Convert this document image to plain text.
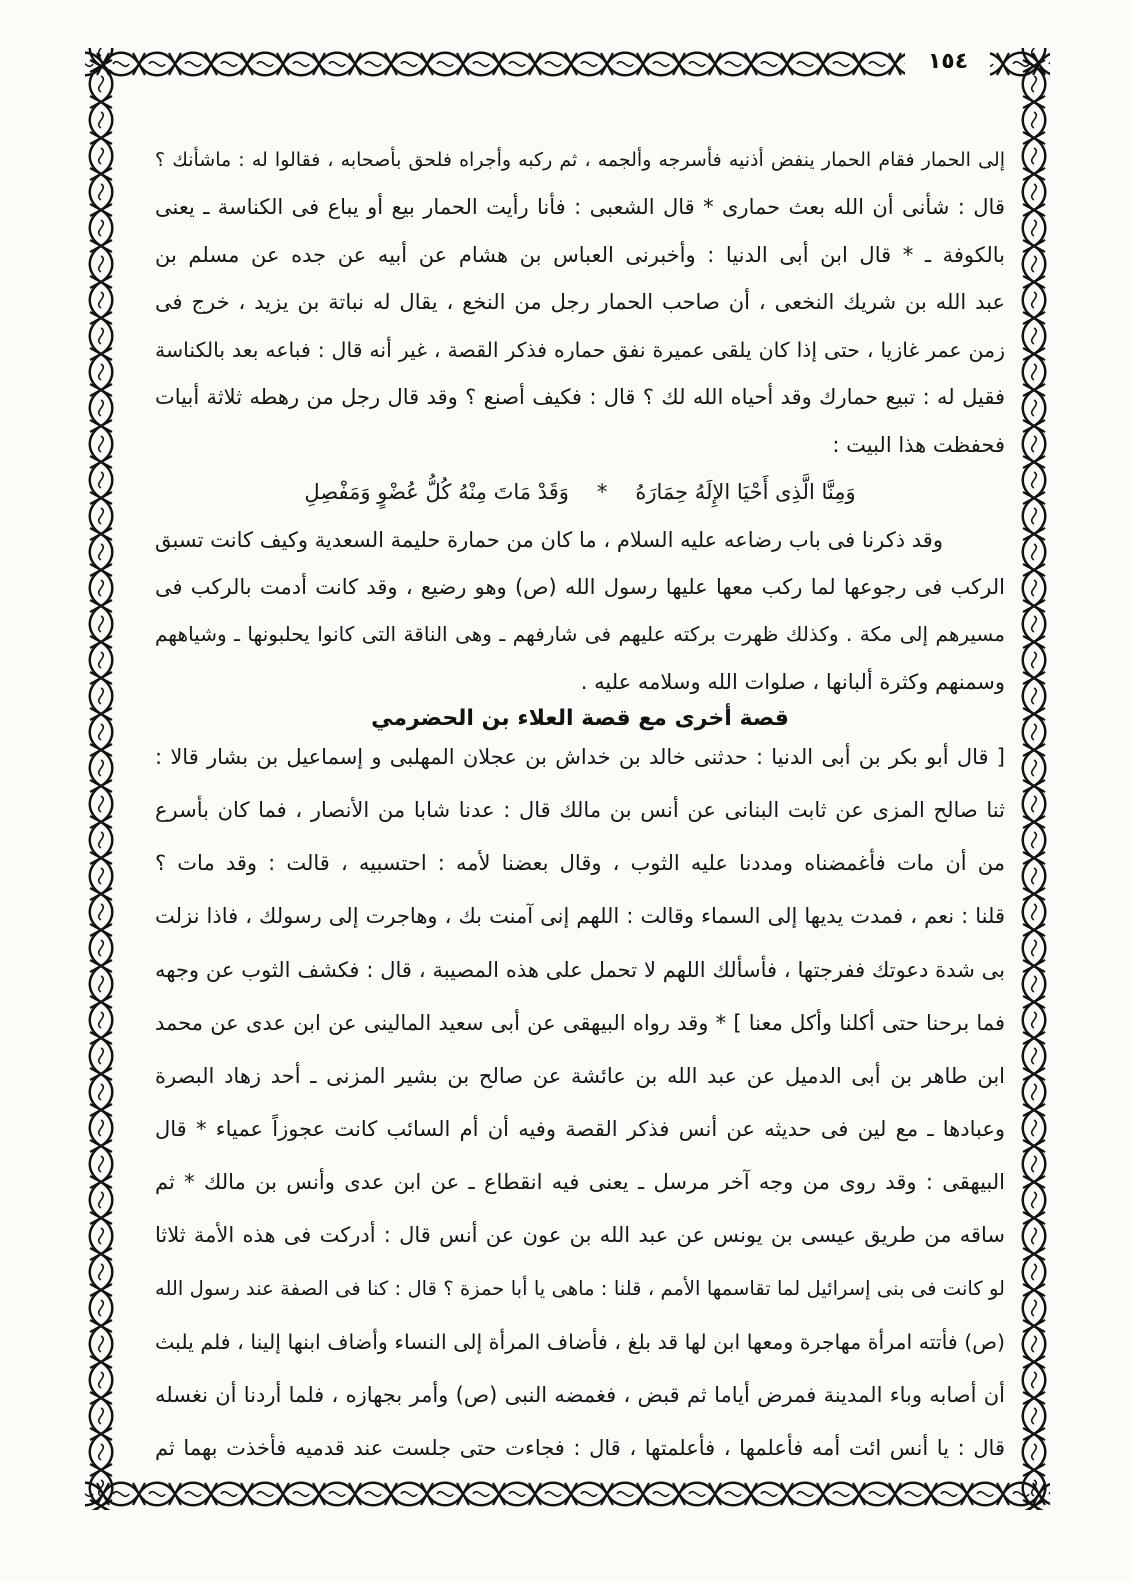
١٥٤
إلى الحمار فقام الحمار ينفض أذنيه فأسرجه وألجمه ، ثم ركبه وأجراه فلحق بأصحابه ، فقالوا له : ماشأنك ؟
قال : شأنى أن الله بعث حمارى * قال الشعبى : فأنا رأيت الحمار بيع أو يباع فى الكناسة ـ يعنى
بالكوفة ـ * قال ابن أبى الدنيا : وأخبرنى العباس بن هشام عن أبيه عن جده عن مسلم بن
عبد الله بن شريك النخعى ، أن صاحب الحمار رجل من النخع ، يقال له نباتة بن يزيد ، خرج فى
زمن عمر غازيا ، حتى إذا كان يلقى عميرة نفق حماره فذكر القصة ، غير أنه قال : فباعه بعد بالكناسة
فقيل له : تبيع حمارك وقد أحياه الله لك ؟ قال : فكيف أصنع ؟ وقد قال رجل من رهطه ثلاثة أبيات
فحفظت هذا البيت :
وَمِنَّا الَّذِى أَحْيَا الإِلَهُ حِمَارَهُ
*
وَقَدْ مَاتَ مِنْهُ كُلُّ عُضْوٍ وَمَفْصِلِ
وقد ذكرنا فى باب رضاعه عليه السلام ، ما كان من حمارة حليمة السعدية وكيف كانت تسبق
الركب فى رجوعها لما ركب معها عليها رسول الله (ص) وهو رضيع ، وقد كانت أدمت بالركب فى
مسيرهم إلى مكة . وكذلك ظهرت بركته عليهم فى شارفهم ـ وهى الناقة التى كانوا يحلبونها ـ وشياههم
وسمنهم وكثرة ألبانها ، صلوات الله وسلامه عليه .
قصة أخرى مع قصة العلاء بن الحضرمي
[ قال أبو بكر بن أبى الدنيا : حدثنى خالد بن خداش بن عجلان المهلبى و إسماعيل بن بشار قالا :
ثنا صالح المزى عن ثابت البنانى عن أنس بن مالك قال : عدنا شابا من الأنصار ، فما كان بأسرع
من أن مات فأغمضناه ومددنا عليه الثوب ، وقال بعضنا لأمه : احتسبيه ، قالت : وقد مات ؟
قلنا : نعم ، فمدت يديها إلى السماء وقالت : اللهم إنى آمنت بك ، وهاجرت إلى رسولك ، فاذا نزلت
بى شدة دعوتك ففرجتها ، فأسألك اللهم لا تحمل على هذه المصيبة ، قال : فكشف الثوب عن وجهه
فما برحنا حتى أكلنا وأكل معنا ] * وقد رواه البيهقى عن أبى سعيد المالينى عن ابن عدى عن محمد
ابن طاهر بن أبى الدميل عن عبد الله بن عائشة عن صالح بن بشير المزنى ـ أحد زهاد البصرة
وعبادها ـ مع لين فى حديثه عن أنس فذكر القصة وفيه أن أم السائب كانت عجوزاً عمياء * قال
البيهقى : وقد روى من وجه آخر مرسل ـ يعنى فيه انقطاع ـ عن ابن عدى وأنس بن مالك * ثم
ساقه من طريق عيسى بن يونس عن عبد الله بن عون عن أنس قال : أدركت فى هذه الأمة ثلاثا
لو كانت فى بنى إسرائيل لما تقاسمها الأمم ، قلنا : ماهى يا أبا حمزة ؟ قال : كنا فى الصفة عند رسول الله
(ص) فأتته امرأة مهاجرة ومعها ابن لها قد بلغ ، فأضاف المرأة إلى النساء وأضاف ابنها إلينا ، فلم يلبث
أن أصابه وباء المدينة فمرض أياما ثم قبض ، فغمضه النبى (ص) وأمر بجهازه ، فلما أردنا أن نغسله
قال : يا أنس ائت أمه فأعلمها ، فأعلمتها ، قال : فجاءت حتى جلست عند قدميه فأخذت بهما ثم
